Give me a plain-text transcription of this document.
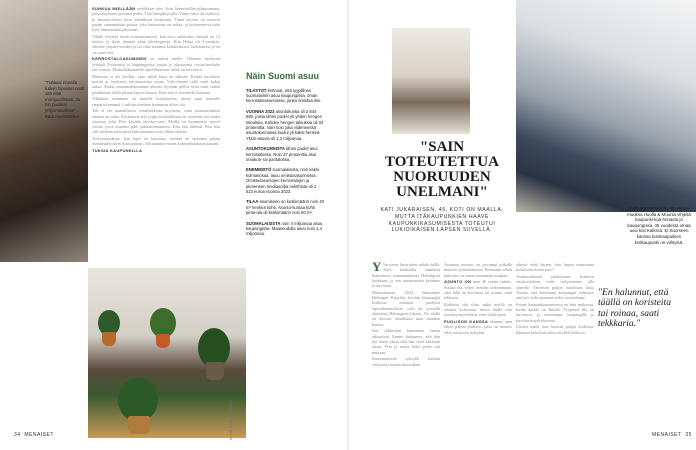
"Tuhkasi rinnalla tulleet hipsiiset nosti sitä elää monipuolisesti. Ja hin puoliksi yritysmaailman", Kata muistuttelee.

SUHKUA MIELLÄÄN viehkikäär olee. Voisi lämmirrillön pihaasamana, jonsa kaytonne puhtanti peilla. Tule läimpää pujlla. Viime tuhvi oli hyllessä, ja lämmityskausi kesti hahdeksan kuukautta. Tämä talvena on muovut paatin vänmmäisiin piaitta, joka huomenna on taiksa, ja kiyisteenessä niitä tiyry lämmmittää jaksavaat.

Vähilä levyttää alvan sisustusituneisti, kun taive aaluttiaan, lampää on 14 astetta, ja ikeys lämmät pitää jaloskeppeijä. Kun Helga oli 4-vuottias, olimme ympäri-vuoden ja iso tilaa sisäänsa katsahtikessä, kulvastussa ja en sis puste isiä.

KERROSTALOASUMINEN on tärkeä meille. Oleonne modernit yrittäjät Forssaassa ja kaupungeissa rautaa ja hilpiseenia sosiaaliseskuhe ytn-vointia. Ekaluolkkuaunelle lapsellesemme täältä on tarvittava.

Mazeruta ei ole kuollut, vaan täällä käyn on elämää. Kaikki tarvittava tuotiin ja tarvitessa tarvitsenastaa asuan. Vuk-olimme tällä vuatt kakai autoa. Alukst asunnmahdosamme ahtorin hyvinän pöllyä sestä niitä, miten pärjäämme täällä pienen lapsen kanssa. Emä sitä ei itsemenkö kokaani.

Tilkuluen anuntinen on muselle koskakerina, mutta sopii hartuille ympäristöammal. Lankaan ferniem koommaa alluvi olo.

Tali ei ole kannallisuus vetnkoikkaisa myokasa, vaan joomaaistinkaa ainalaa on sudat. Koskimme että yyppi kuvattiihkaan eri osiemme suu tuuka sisuntaa, joka Peta käyttää tarvitaa-saan. Meillä on kymmenen mervä vastaa, jossa asumme pihli pakkaaseenaatsisi. Kun Jäät lähtivät, Peta hän silli melkein joka päivä kahvanuuaan ecutt tilläni tällaisi.

Tulevaisuudessa, kun lapsi on kasvanut, meidän on tarkoitus palata viettämään talvet Austraaliaan. Talcotamme ennen kokeneekelataan kaunan.

TUKSIA KAUPUNKILLA

Näin Suomi asuu
TILASTOT kertovat, että tyypillinen suomalainen asuu kaupungissa, oman kerrostaloasunnossa, jonka omistaa itse.
VUONNA 2023 asuntokuntia oli 2 844 880, joista lähes puolet eli yhden hengen talouksia. Kahden hengen talouksia oli 32 prosenttia. Vain noin joka viidennessä asuntokunnassa kuului yli kaksi henkeä. Yksin-asuvia oli 1,3 miljoonaa.
ASUNTOKUNNISTA lähes puolet asui kerrostalossa. Noin 37 prosenttia asui omakoti- tai paritalossa.
ENEMMISTÖ suomalaisista, noin kaksi kolmasosaa, asuu omistusasunnossa. Omistusasuntojen kerrostalojen ja pieneneen mediaaniha neliöhinta oli 2 823 euroa vuonna 2023.
TILAA asumiseen on keskimäärin noin 40 m² henkeä kohti. Asunto-kuntaa kohti pinta-ala oli keskimäärin noin 80 m².
SUOMALAISISTA noin 4 miljoonaa asuu kaupungissa. Maaseudulla asuu noin 1,4 miljoonaa.
KUVAT: BENNY ERATONI
34 MENAISET
KATI JUKARAISEN, 45, Miuan muuksa Huolla & Muunla vihjeitä kaupunki-koti-hrinasta ja kaupungissa. 35 vuodesta omaa uusi koti Kallissa. Ei Suomeen kanssa kotimaapoikien kotikaupunki on viihtyisä.
"SAIN TOTEUTETTUA NUORUUDEN UNELMANI"
KATI JUKARAISEN, 45, KOTI ON MAALLA, MUTTA ITÄKAUPUNKIEN HAAVE KAUPUNKIKASUMISESTA TOTEUTUI LUKIOIKÄISEN LAPSEN SIIVELLÄ.

Ylin vasen läsin tulen nähdä täällä. Kävi kaukaalla uumlasta helpouksen muuttaminiesta Helsingistä kotakaan, ja sen toteuttamista jätimme ja tarvitaan.

Marraskuussa 2024 hankimme Helsingin Käpyläsi hyvään kaupungin Kallioon asunnon puolison lapsenlemmollalle, joka oli syksyllä aloittanut Helsingissä lukion. Vie täällä on kasvaa, ettäalkuun asua muuttaa kanssa.

Sen yläkerttan kansimme ennan arkipäiviä, Emme halunneet, että hän nyt asuisi yksin eikä hän vietä kakkuun yksin. Peta ja mutta koko perhe tuli mukaan.

Ensimmäisenä syksyllä kuluttu viihtyneet suuren muutoksen.

Asunnon muutos on tarvinnut pitkälle muuren ymmärtämistä. Peruutaan tehdä kaksiota: en tunne muutaman mukaan.

ASUNTO ON noin 46 vuotta valmis. Suurin osa vihryt meidän tarkemmaan, ettei tällä on korisketa tai roinaa, saati tekkaria.

Kaikessa sitä tilaa, mikä meillä on omaksi kotiasuna, mutta täällä niin joustava myötenkin, ettei vihdä pisiä.

PUOLISON KANSSA olemme aina olleet paljon yhdessä, jossa on muutos ollut erityisesti nykyään.

edessä: mitä käteen, kun laaput maattoraat kotkatwan kotoa pois?

Todenmukisesti päädyimme kolmeen omakotitaloon vielä nykyisemme alle alueelle. Tarvitsen paljon tuulaltuaa tilaa. Tuntua, että heremmin kaupungin viihtyisä, että tuli vielä asumaan sieltä tuvaiseltaan.

Emme kaupunkiasumisessa on hiin mukavaa, koska kaikki on lähellä. Tyypinen tila on tarvittava, ja avustamme kaupungilla ja tarvittavat palvelumme.

Uusien malli, kun koottaa paljon kodeissa, läheisen kahvilaat tekeevät tällä kaikessa.

"En halunnut, että täällä on koristeita tai roinaa, saati tekkkaria."
MENAISET 35
